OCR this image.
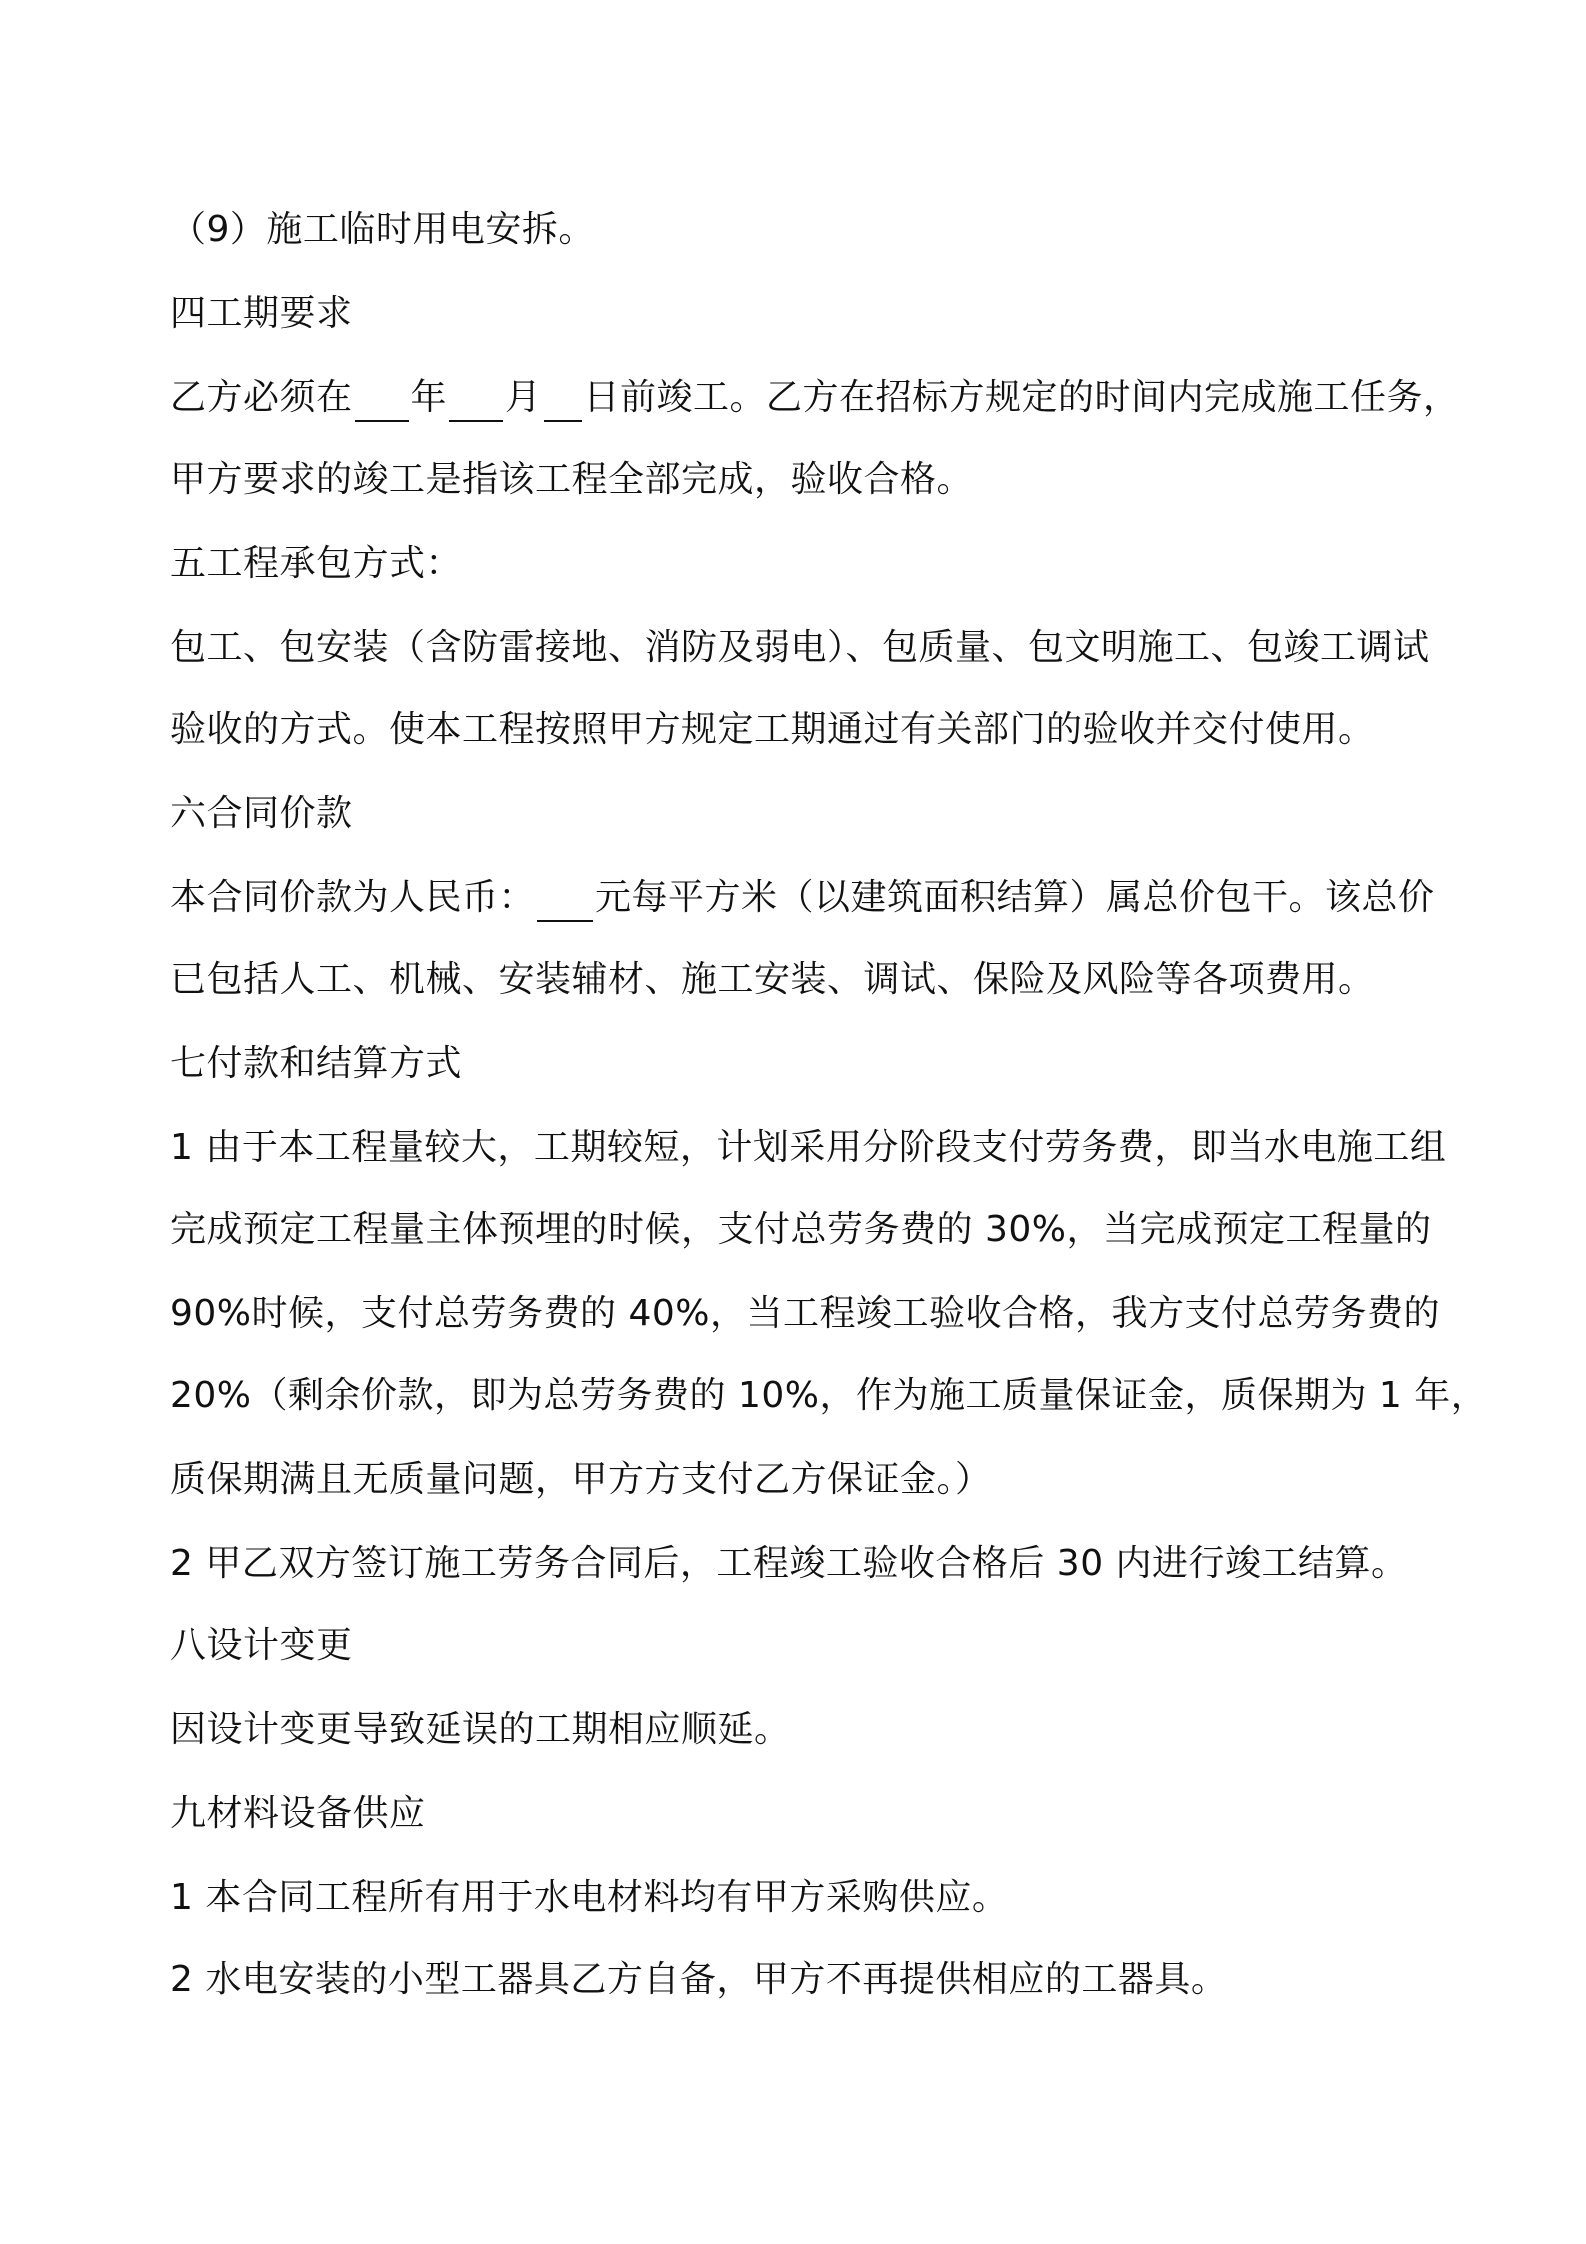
（9）施工临时用电安拆。
四工期要求
乙方必须在 年 月 日前竣工。乙方在招标方规定的时间内完成施工任务，
甲方要求的竣工是指该工程全部完成，验收合格。
五工程承包方式：
包工、包安装（含防雷接地、消防及弱电）、包质量、包文明施工、包竣工调试
验收的方式。使本工程按照甲方规定工期通过有关部门的验收并交付使用。
六合同价款
本合同价款为人民币： 元每平方米（以建筑面积结算）属总价包干。该总价
已包括人工、机械、安装辅材、施工安装、调试、保险及风险等各项费用。
七付款和结算方式
1 由于本工程量较大，工期较短，计划采用分阶段支付劳务费，即当水电施工组
完成预定工程量主体预埋的时候，支付总劳务费的 30%，当完成预定工程量的
90%时候，支付总劳务费的 40%，当工程竣工验收合格，我方支付总劳务费的
20%（剩余价款，即为总劳务费的 10%，作为施工质量保证金，质保期为 1 年，
质保期满且无质量问题，甲方方支付乙方保证金。）
2 甲乙双方签订施工劳务合同后，工程竣工验收合格后 30 内进行竣工结算。
八设计变更
因设计变更导致延误的工期相应顺延。
九材料设备供应
1 本合同工程所有用于水电材料均有甲方采购供应。
2 水电安装的小型工器具乙方自备，甲方不再提供相应的工器具。
